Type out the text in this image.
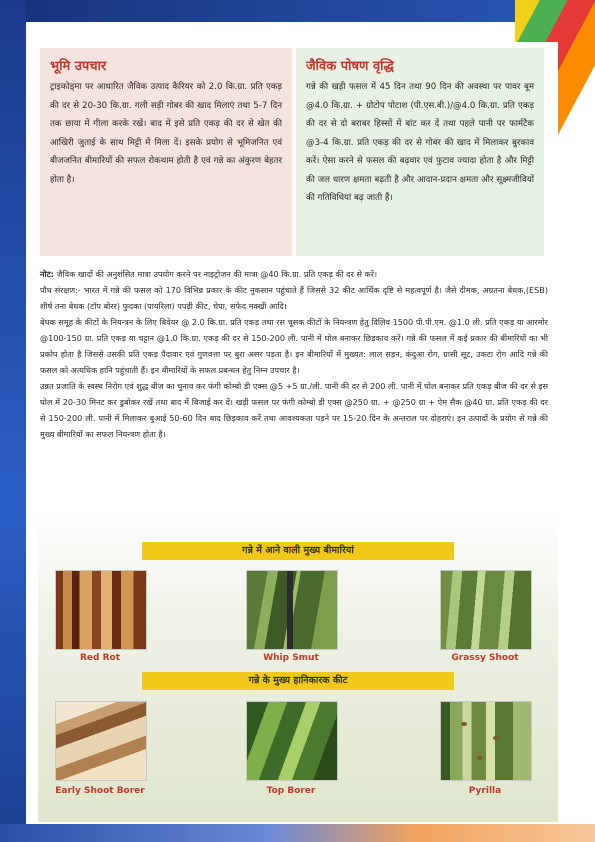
भूमि उपचार

ट्राइकोड्मा पर आधारित जैविक उत्पाद कैरियर को 2.0 कि.ग्रा. प्रति एकड़ की दर से 20-30 कि.ग्रा. गली सड़ी गोबर की खाद मिलाएं तथा 5-7 दिन तक छाया में गीला करके रखें। बाद में इसे प्रति एकड़ की दर से खेत की आखिरी जुताई के साथ मिट्टी में मिला दें। इसके प्रयोग से भूमिजनित एवं बीजजनित बीमारियों की सफल रोकथाम होती है एवं गन्ने का अंकुरण बेहतर होता है।

जैविक पोषण वृद्धि

गन्ने की खड़ी फसल में 45 दिन तथा 90 दिन की अवस्था पर पावर बूम @4.0 कि.ग्रा. + ग्रोटोप पोटाश (पी.एस.बी.)/@4.0 कि.ग्रा. प्रति एकड़ की दर से दो बराबर हिस्सों में बांट कर दें तथा पहले पानी पर फार्मटैक @3-4 कि.ग्रा. प्रति एकड़ की दर से गोबर की खाद में मिलाकर बुरकाव करें। ऐसा करने से फसल की बढ़वार एवं फुटाव ज्यादा होता है और मिट्टी की जल धारण क्षमता बढ़ती है और आदान-प्रदान क्षमता और सूक्ष्मजीवियों की गतिविधियां बढ़ जाती हैं।

नोट: जैविक खादों की अनुशंसित मात्रा उपयोग करने पर नाइट्रोजन की मात्रा @40 कि.ग्रा. प्रति एकड़ की दर से करें।

पौध संरक्षण:- भारत में गन्ने की फसल को 170 विभिन्न प्रकार के कीट नुकसान पहुंचाते हैं जिससे 32 कीट आर्थिक दृष्टि से महत्वपूर्ण है। जैसे दीमक, अग्रतना बेधक,(ESB) शीर्ष तना बेधक (टॉप बोरर) फुदका (पायरिला) पपड़ी कीट, चेपा, सफेद मक्खी आदि।

बेधक समूह के कीटों के नियन्त्रन के लिए बिवेयर @ 2.0 कि.ग्रा. प्रति एकड़ तथा रस चूसक कीटों के नियन्त्रण हेतु विलिव 1500 पी.पी.एम. @1.0 ली. प्रति एकड़ या आरमोर @100-150 ग्रा. प्रति एकड़ या चट्टान @1.0 कि.ग्रा. एकड़ की दर से 150-200 ली. पानी में घोल बनाकर छिड़काव करें। गन्ने की फसल में कई प्रकार की बीमारियों का भी प्रकोप होता है जिससे उसकी प्रति एकड़ पैदावार एवं गुणवत्ता पर बुरा असर पड़ता है। इन बीमारियों में मुख्यत: लाल सड़न, कंदुआ रोग, ग्रासी सूट, उकटा रोग आदि गन्ने की फसल को अत्यधिक हानि पहुंचाती हैं। इन बीमारियों के सफल प्रबन्धन हेतु निम्न उपचार है।

उन्नत प्रजाति के स्वस्थ निरोग एवं शुद्ध बीज का चुनाव कर फंगी कोम्बो डी एक्स @5 +5 ग्रा./ली. पानी की दर से 200 ली. पानी में घोल बनाकर प्रति एकड़ बीज की दर से इस घोल में 20-30 मिनट कर डुबोकर रखें तथा बाद में बिजाई कर दें। खड़ी फसल पर फंगी कोम्बो डी एक्स @250 ग्रा. + @250 ग्रा + ऐम सैक @40 ग्रा. प्रति एकड़ की दर से 150-200 ली. पानी में मिलाकर बुआई 50-60 दिन बाद छिड़काव करें तथा आवश्यकता पड़ने पर 15-20 दिन के अन्तराल पर दोहराएं। इन उत्पादों के प्रयोग से गन्ने की मुख्य बीमारियों का सफल नियन्त्रण होता है।

गन्ने में आने वाली मुख्य बीमारियां
Red Rot	Whip Smut	Grassy Shoot
गन्ने के मुख्य हानिकारक कीट
Early Shoot Borer	Top Borer	Pyrilla
